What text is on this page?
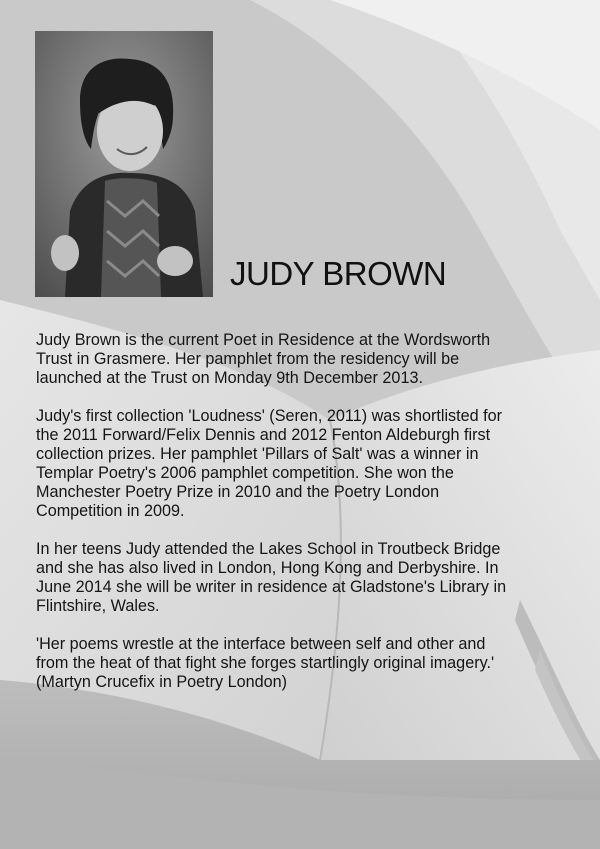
JUDY BROWN

Judy Brown is the current Poet in Residence at the Wordsworth
Trust in Grasmere. Her pamphlet from the residency will be
launched at the Trust on Monday 9th December 2013.

Judy's first collection 'Loudness' (Seren, 2011) was shortlisted for
the 2011 Forward/Felix Dennis and 2012 Fenton Aldeburgh first
collection prizes. Her pamphlet 'Pillars of Salt' was a winner in
Templar Poetry's 2006 pamphlet competition. She won the
Manchester Poetry Prize in 2010 and the Poetry London
Competition in 2009.

In her teens Judy attended the Lakes School in Troutbeck Bridge
and she has also lived in London, Hong Kong and Derbyshire. In
June 2014 she will be writer in residence at Gladstone's Library in
Flintshire, Wales.

'Her poems wrestle at the interface between self and other and
from the heat of that fight she forges startlingly original imagery.'
(Martyn Crucefix in Poetry London)
